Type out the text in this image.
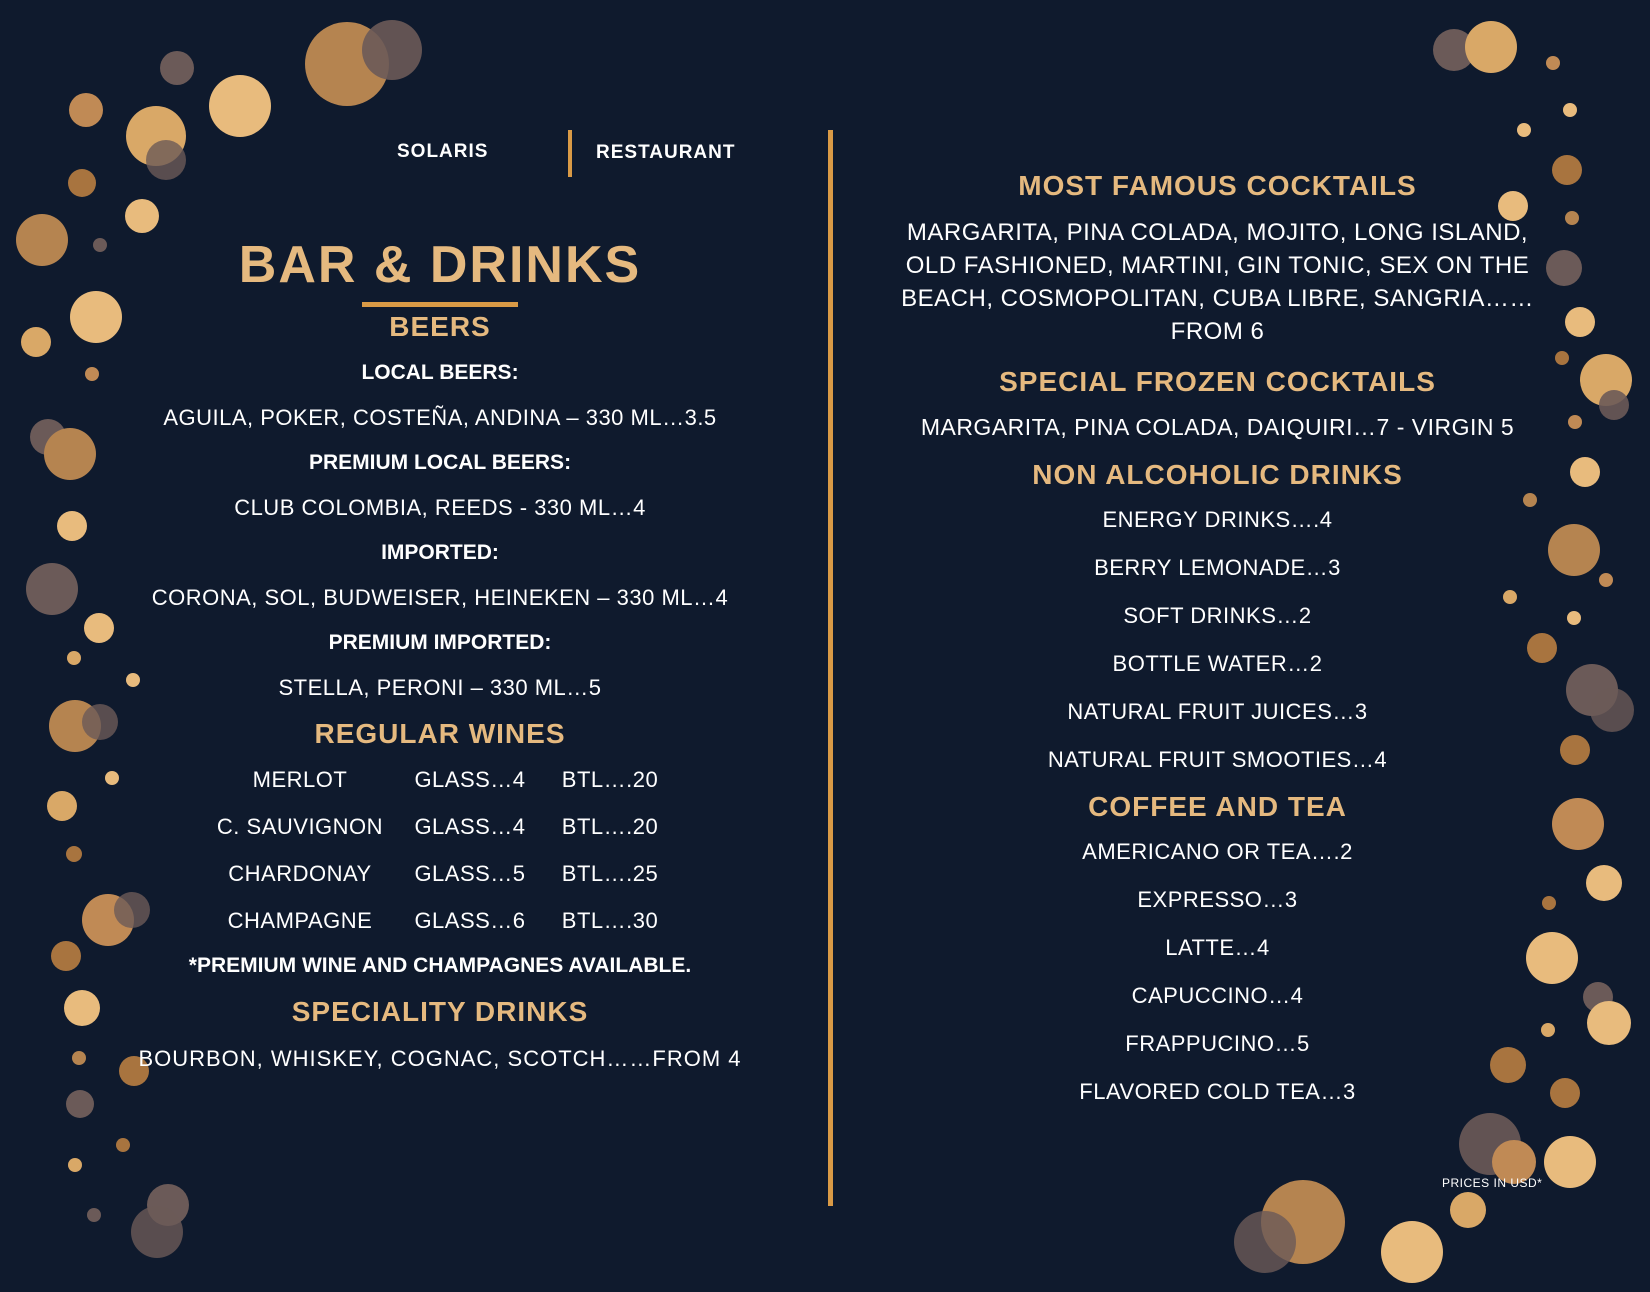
SOLARIS	RESTAURANT
BAR & DRINKS
BEERS
LOCAL BEERS:
AGUILA, POKER, COSTEÑA, ANDINA – 330 ML…3.5
PREMIUM LOCAL BEERS:
CLUB COLOMBIA, REEDS - 330 ML…4
IMPORTED:
CORONA, SOL, BUDWEISER, HEINEKEN – 330 ML…4
PREMIUM IMPORTED:
STELLA, PERONI – 330 ML…5
REGULAR WINES
MERLOT	GLASS…4	BTL….20
C. SAUVIGNON	GLASS…4	BTL….20
CHARDONAY	GLASS…5	BTL….25
CHAMPAGNE	GLASS…6	BTL….30
*PREMIUM WINE AND CHAMPAGNES AVAILABLE.
SPECIALITY DRINKS
BOURBON, WHISKEY, COGNAC, SCOTCH……FROM 4
MOST FAMOUS COCKTAILS
MARGARITA, PINA COLADA, MOJITO, LONG ISLAND, OLD FASHIONED, MARTINI, GIN TONIC, SEX ON THE BEACH, COSMOPOLITAN, CUBA LIBRE, SANGRIA……FROM 6
SPECIAL FROZEN COCKTAILS
MARGARITA, PINA COLADA, DAIQUIRI…7 - VIRGIN 5
NON ALCOHOLIC DRINKS
ENERGY DRINKS….4
BERRY LEMONADE…3
SOFT DRINKS…2
BOTTLE WATER…2
NATURAL FRUIT JUICES…3
NATURAL FRUIT SMOOTIES…4
COFFEE AND TEA
AMERICANO OR TEA….2
EXPRESSO…3
LATTE…4
CAPUCCINO…4
FRAPPUCINO…5
FLAVORED COLD TEA…3
PRICES IN USD*
